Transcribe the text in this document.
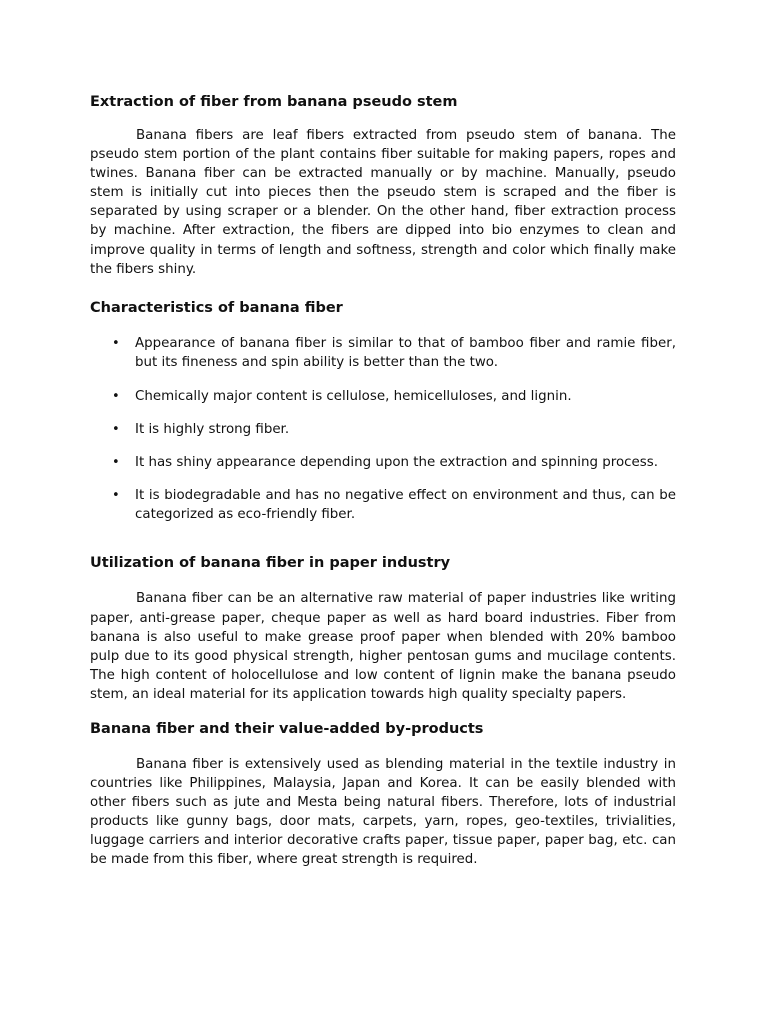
Extraction of fiber from banana pseudo stem

Banana fibers are leaf fibers extracted from pseudo stem of banana. The pseudo stem portion of the plant contains fiber suitable for making papers, ropes and twines. Banana fiber can be extracted manually or by machine. Manually, pseudo stem is initially cut into pieces then the pseudo stem is scraped and the fiber is separated by using scraper or a blender. On the other hand, fiber extraction process by machine. After extraction, the fibers are dipped into bio enzymes to clean and improve quality in terms of length and softness, strength and color which finally make the fibers shiny.

Characteristics of banana fiber
• Appearance of banana fiber is similar to that of bamboo fiber and ramie fiber, but its fineness and spin ability is better than the two.
• Chemically major content is cellulose, hemicelluloses, and lignin.
• It is highly strong fiber.
• It has shiny appearance depending upon the extraction and spinning process.
• It is biodegradable and has no negative effect on environment and thus, can be categorized as eco-friendly fiber.
Utilization of banana fiber in paper industry

Banana fiber can be an alternative raw material of paper industries like writing paper, anti-grease paper, cheque paper as well as hard board industries. Fiber from banana is also useful to make grease proof paper when blended with 20% bamboo pulp due to its good physical strength, higher pentosan gums and mucilage contents. The high content of holocellulose and low content of lignin make the banana pseudo stem, an ideal material for its application towards high quality specialty papers.

Banana fiber and their value-added by-products

Banana fiber is extensively used as blending material in the textile industry in countries like Philippines, Malaysia, Japan and Korea. It can be easily blended with other fibers such as jute and Mesta being natural fibers. Therefore, lots of industrial products like gunny bags, door mats, carpets, yarn, ropes, geo-textiles, trivialities, luggage carriers and interior decorative crafts paper, tissue paper, paper bag, etc. can be made from this fiber, where great strength is required.
